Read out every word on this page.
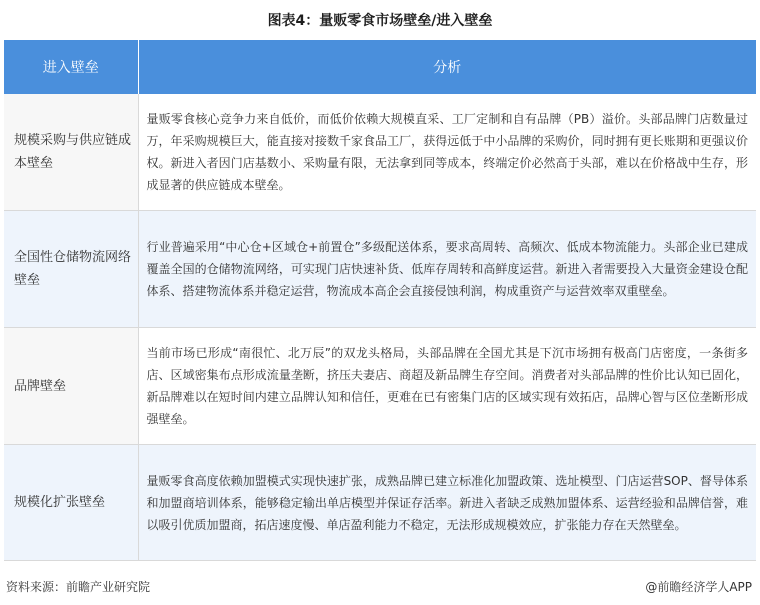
图表4：量贩零食市场壁垒/进入壁垒
进入壁垒	分析
规模采购与供应链成本壁垒	量贩零食核心竞争力来自低价，而低价依赖大规模直采、工厂定制和自有品牌（PB）溢价。头部品牌门店数量过万，年采购规模巨大，能直接对接数千家食品工厂，获得远低于中小品牌的采购价，同时拥有更长账期和更强议价权。新进入者因门店基数小、采购量有限，无法拿到同等成本，终端定价必然高于头部，难以在价格战中生存，形成显著的供应链成本壁垒。
全国性仓储物流网络壁垒	行业普遍采用“中心仓+区域仓+前置仓”多级配送体系，要求高周转、高频次、低成本物流能力。头部企业已建成覆盖全国的仓储物流网络，可实现门店快速补货、低库存周转和高鲜度运营。新进入者需要投入大量资金建设仓配体系、搭建物流体系并稳定运营，物流成本高企会直接侵蚀利润，构成重资产与运营效率双重壁垒。
品牌壁垒	当前市场已形成“南很忙、北万辰”的双龙头格局，头部品牌在全国尤其是下沉市场拥有极高门店密度，一条街多店、区域密集布点形成流量垄断，挤压夫妻店、商超及新品牌生存空间。消费者对头部品牌的性价比认知已固化，新品牌难以在短时间内建立品牌认知和信任，更难在已有密集门店的区域实现有效拓店，品牌心智与区位垄断形成强壁垒。
规模化扩张壁垒	量贩零食高度依赖加盟模式实现快速扩张，成熟品牌已建立标准化加盟政策、选址模型、门店运营SOP、督导体系和加盟商培训体系，能够稳定输出单店模型并保证存活率。新进入者缺乏成熟加盟体系、运营经验和品牌信誉，难以吸引优质加盟商，拓店速度慢、单店盈利能力不稳定，无法形成规模效应，扩张能力存在天然壁垒。
资料来源：前瞻产业研究院	@前瞻经济学人APP
